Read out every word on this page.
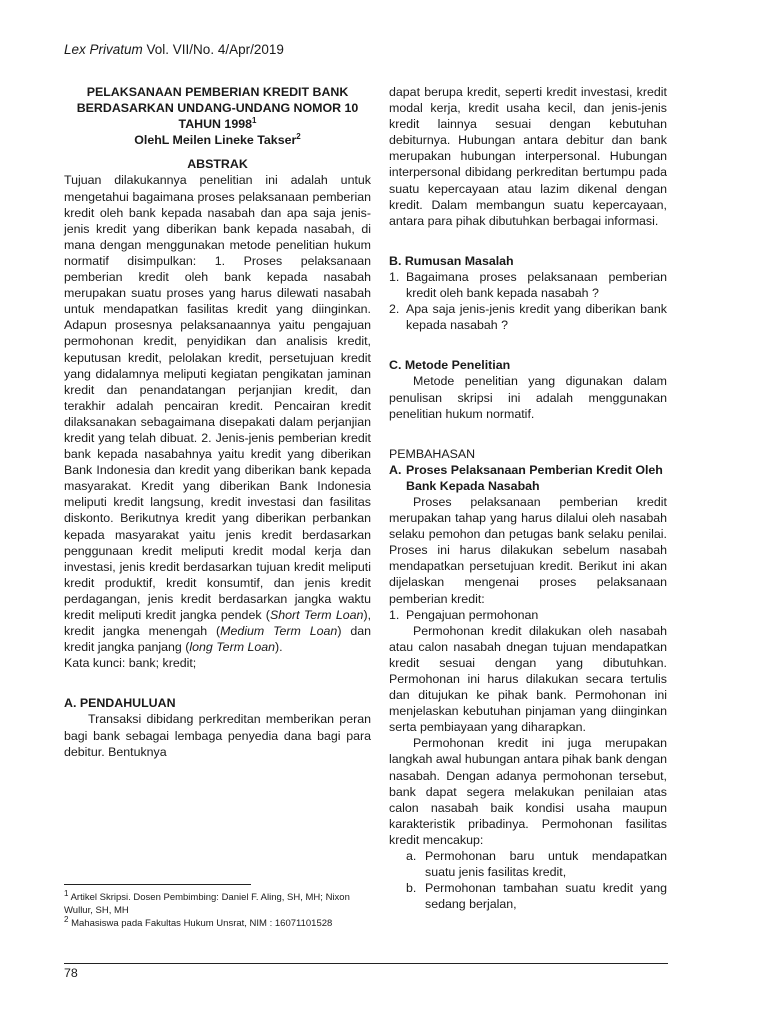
Lex Privatum Vol. VII/No. 4/Apr/2019

PELAKSANAAN PEMBERIAN KREDIT BANK

BERDASARKAN UNDANG-UNDANG NOMOR 10

TAHUN 1998$^1$

OlehL Meilen Lineke Takser$^2$

ABSTRAK

Tujuan dilakukannya penelitian ini adalah untuk mengetahui bagaimana proses pelaksanaan pemberian kredit oleh bank kepada nasabah dan apa saja jenis-jenis kredit yang diberikan bank kepada nasabah, di mana dengan menggunakan metode penelitian hukum normatif disimpulkan: 1. Proses pelaksanaan pemberian kredit oleh bank kepada nasabah merupakan suatu proses yang harus dilewati nasabah untuk mendapatkan fasilitas kredit yang diinginkan. Adapun prosesnya pelaksanaannya yaitu pengajuan permohonan kredit, penyidikan dan analisis kredit, keputusan kredit, pelolakan kredit, persetujuan kredit yang didalamnya meliputi kegiatan pengikatan jaminan kredit dan penandatangan perjanjian kredit, dan terakhir adalah pencairan kredit. Pencairan kredit dilaksanakan sebagaimana disepakati dalam perjanjian kredit yang telah dibuat. 2. Jenis-jenis pemberian kredit bank kepada nasabahnya yaitu kredit yang diberikan Bank Indonesia dan kredit yang diberikan bank kepada masyarakat. Kredit yang diberikan Bank Indonesia meliputi kredit langsung, kredit investasi dan fasilitas diskonto. Berikutnya kredit yang diberikan perbankan kepada masyarakat yaitu jenis kredit berdasarkan penggunaan kredit meliputi kredit modal kerja dan investasi, jenis kredit berdasarkan tujuan kredit meliputi kredit produktif, kredit konsumtif, dan jenis kredit perdagangan, jenis kredit berdasarkan jangka waktu kredit meliputi kredit jangka pendek (Short Term Loan), kredit jangka menengah (Medium Term Loan) dan kredit jangka panjang (long Term Loan).

Kata kunci: bank; kredit;

A. PENDAHULUAN

Transaksi dibidang perkreditan memberikan peran bagi bank sebagai lembaga penyedia dana bagi para debitur. Bentuknya

dapat berupa kredit, seperti kredit investasi, kredit modal kerja, kredit usaha kecil, dan jenis-jenis kredit lainnya sesuai dengan kebutuhan debiturnya. Hubungan antara debitur dan bank merupakan hubungan interpersonal. Hubungan interpersonal dibidang perkreditan bertumpu pada suatu kepercayaan atau lazim dikenal dengan kredit. Dalam membangun suatu kepercayaan, antara para pihak dibutuhkan berbagai informasi.

B. Rumusan Masalah

1. Bagaimana proses pelaksanaan pemberian kredit oleh bank kepada nasabah ?
2. Apa saja jenis-jenis kredit yang diberikan bank kepada nasabah ?

C. Metode Penelitian

Metode penelitian yang digunakan dalam penulisan skripsi ini adalah menggunakan penelitian hukum normatif.

PEMBAHASAN

A. Proses Pelaksanaan Pemberian Kredit Oleh Bank Kepada Nasabah

Proses pelaksanaan pemberian kredit merupakan tahap yang harus dilalui oleh nasabah selaku pemohon dan petugas bank selaku penilai. Proses ini harus dilakukan sebelum nasabah mendapatkan persetujuan kredit. Berikut ini akan dijelaskan mengenai proses pelaksanaan pemberian kredit:

1. Pengajuan permohonan

Permohonan kredit dilakukan oleh nasabah atau calon nasabah dnegan tujuan mendapatkan kredit sesuai dengan yang dibutuhkan. Permohonan ini harus dilakukan secara tertulis dan ditujukan ke pihak bank. Permohonan ini menjelaskan kebutuhan pinjaman yang diinginkan serta pembiayaan yang diharapkan.

Permohonan kredit ini juga merupakan langkah awal hubungan antara pihak bank dengan nasabah. Dengan adanya permohonan tersebut, bank dapat segera melakukan penilaian atas calon nasabah baik kondisi usaha maupun karakteristik pribadinya. Permohonan fasilitas kredit mencakup:

a. Permohonan baru untuk mendapatkan suatu jenis fasilitas kredit,
b. Permohonan tambahan suatu kredit yang sedang berjalan,

$^1$ Artikel Skripsi. Dosen Pembimbing: Daniel F. Aling, SH, MH; Nixon Wullur, SH, MH

$^2$ Mahasiswa pada Fakultas Hukum Unsrat, NIM : 16071101528

78
